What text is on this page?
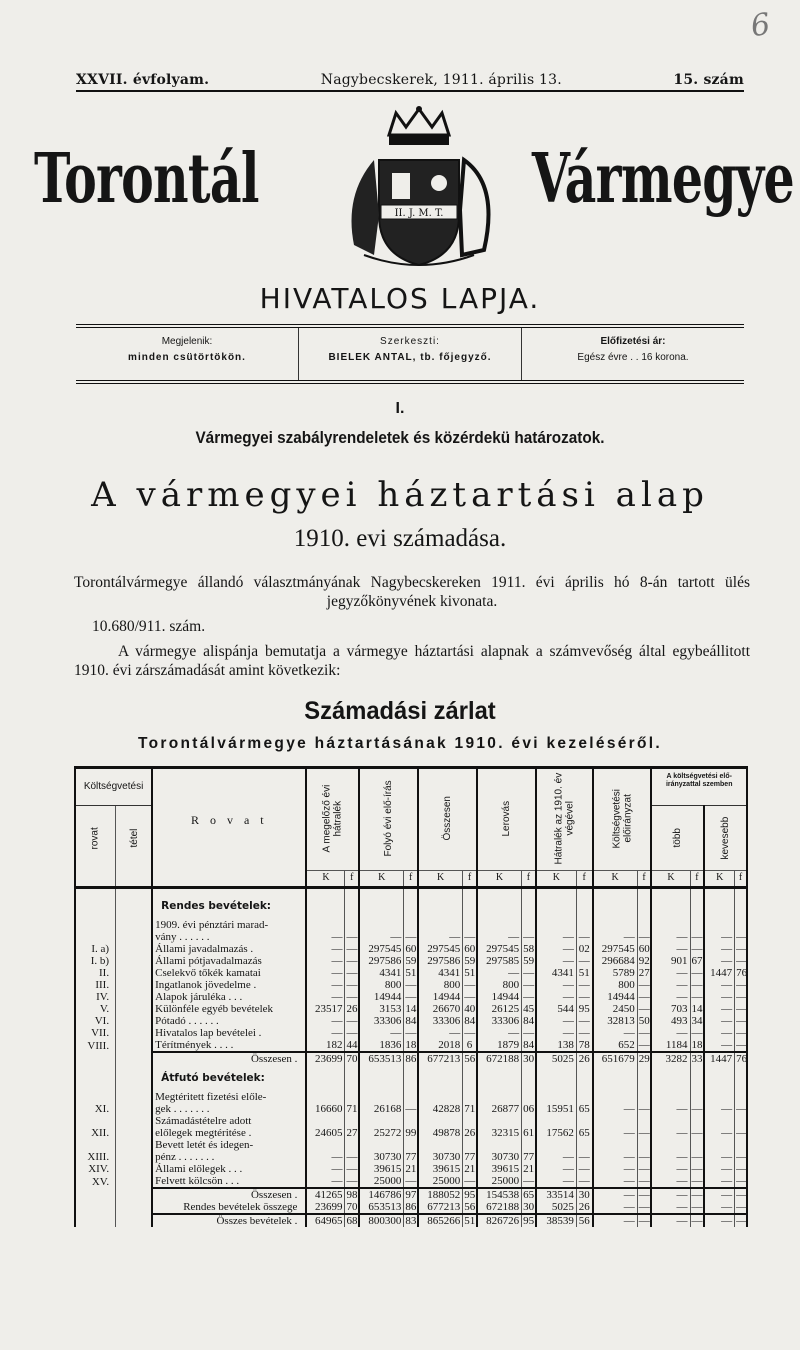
6
XXVII. évfolyam.	Nagybecskerek, 1911. április 13.	15. szám
Torontál	II. J. M. T. Vármegye
HIVATALOS LAPJA.
Megjelenik:
minden csütörtökön.
Szerkeszti:
BIELEK ANTAL, tb. főjegyző.
Előfizetési ár:
Egész évre . . 16 korona.
I.
Vármegyei szabályrendeletek és közérdekü határozatok.
A vármegyei háztartási alap
1910. evi számadása.
Torontálvármegye állandó választmányának Nagybecskereken 1911. évi április hó 8-án tartott ülés jegyzőkönyvének kivonata.
10.680/911. szám.
A vármegye alispánja bemutatja a vármegye háztartási alapnak a számvevőség által egybeállitott 1910. évi zárszámadását amint következik:
Számadási zárlat
Torontálvármegye háztartásának 1910. évi kezeléséről.
Költségvetési		R o v a t	A megelőző évi hátralék		Folyó évi elő-írás		Összesen		Lerovás		Hátralék az 1910. év végével		Költségvetési előirányzat		A költségvetési elő-irányzattal szemben			
rovat	tétel														több		kevesebb	
			K	f	K	f	K	f	K	f	K	f	K	f	K	f	K	f

		Rendes bevételek:																
		1909. évi pénztári marad-																
		vány . . . . . .	—	—	—	—	—	—	—	—	—	—	—	—	—	—	—	—
I. a)		Állami javadalmazás .	—	—	297545	60	297545	60	297545	58	—	02	297545	60	—	—	—	—
I. b)		Állami pótjavadalmazás	—	—	297586	59	297586	59	297585	59	—	—	296684	92	901	67	—	—
II.		Cselekvő tőkék kamatai	—	—	4341	51	4341	51	—	—	4341	51	5789	27	—	—	1447	76
III.		Ingatlanok jövedelme .	—	—	800	—	800	—	800	—	—	—	800	—	—	—	—	—
IV.		Alapok járuléka . . .	—	—	14944	—	14944	—	14944	—	—	—	14944	—	—	—	—	—
V.		Különféle egyéb bevételek	23517	26	3153	14	26670	40	26125	45	544	95	2450	—	703	14	—	—
VI.		Pótadó . . . . . .	—	—	33306	84	33306	84	33306	84	—	—	32813	50	493	34	—	—
VII.		Hivatalos lap bevételei .	—	—	—	—	—	—	—	—	—	—	—	—	—	—	—	—
VIII.		Térítmények . . . .	182	44	1836	18	2018	6	1879	84	138	78	652	—	1184	18	—	—
		Összesen .	23699	70	653513	86	677213	56	672188	30	5025	26	651679	29	3282	33	1447	76
		Átfutó bevételek:																
		Megtéritett fizetési előle-																
XI.		gek . . . . . . .	16660	71	26168	—	42828	71	26877	06	15951	65	—	—	—	—	—	—
		Számadástételre adott																
XII.		előlegek megtéritése .	24605	27	25272	99	49878	26	32315	61	17562	65	—	—	—	—	—	—
		Bevett letét és idegen-																
XIII.		pénz . . . . . . .	—	—	30730	77	30730	77	30730	77	—	—	—	—	—	—	—	—
XIV.		Állami előlegek . . .	—	—	39615	21	39615	21	39615	21	—	—	—	—	—	—	—	—
XV.		Felvett kölcsön . . .	—	—	25000	—	25000	—	25000	—	—	—	—	—	—	—	—	—
		Összesen .	41265	98	146786	97	188052	95	154538	65	33514	30	—	—	—	—	—	—
		Rendes bevételek összege	23699	70	653513	86	677213	56	672188	30	5025	26	—	—	—	—	—	—
		Összes bevételek .	64965	68	800300	83	865266	51	826726	95	38539	56	—	—	—	—	—	—
